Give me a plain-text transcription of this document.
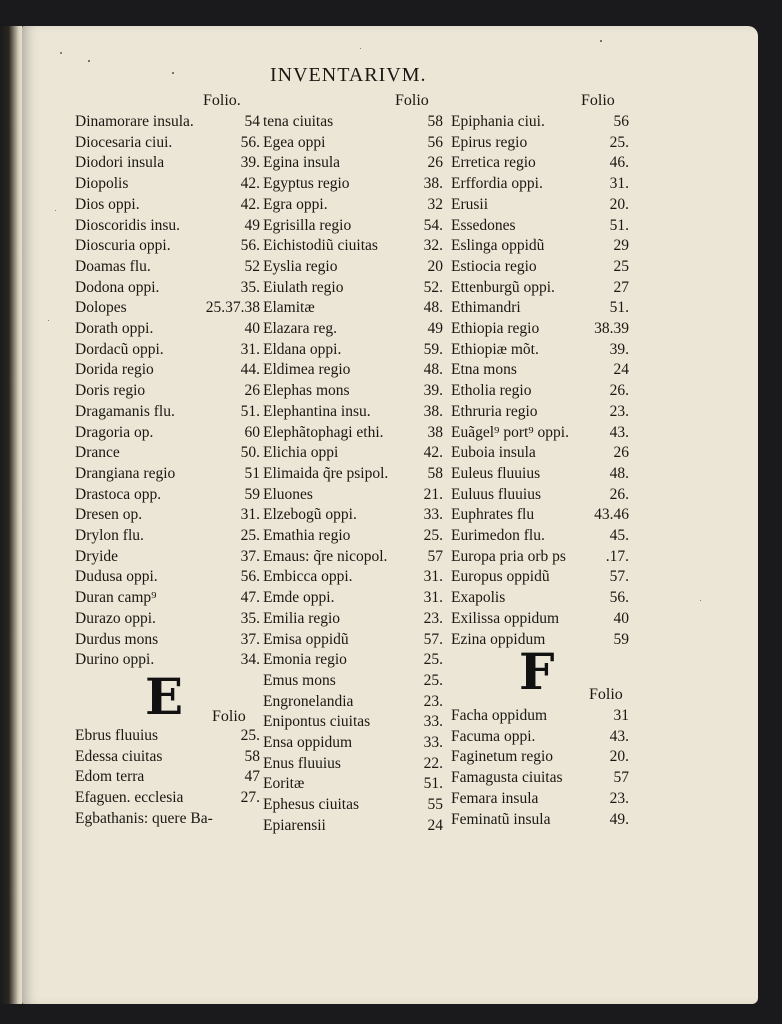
INVENTARIVM.
Folio.
Dinamorare insula.	54
Diocesaria ciui.	56.
Diodori insula	39.
Diopolis	42.
Dios oppi.	42.
Dioscoridis insu.	49
Dioscuria oppi.	56.
Doamas flu.	52
Dodona oppi.	35.
Dolopes	25.37.38
Dorath oppi.	40
Dordacũ oppi.	31.
Dorida regio	44.
Doris regio	26
Dragamanis flu.	51.
Dragoria op.	60
Drance	50.
Drangiana regio	51
Drastoca opp.	59
Dresen op.	31.
Drylon flu.	25.
Dryide	37.
Dudusa oppi.	56.
Duran camp⁹	47.
Durazo oppi.	35.
Durdus mons	37.
Durino oppi.	34.
E Folio
Ebrus fluuius	25.
Edessa ciuitas	58
Edom terra	47
Efaguen. ecclesia	27.
Egbathanis: quere Ba-
Folio
tena ciuitas	58
Egea oppi	56
Egina insula	26
Egyptus regio	38.
Egra oppi.	32
Egrisilla regio	54.
Eichistodiũ ciuitas	32.
Eyslia regio	20
Eiulath regio	52.
Elamitæ	48.
Elazara reg.	49
Eldana oppi.	59.
Eldimea regio	48.
Elephas mons	39.
Elephantina insu.	38.
Elephãtophagi ethi.	38
Elichia oppi	42.
Elimaida q̃re psipol.	58
Eluones	21.
Elzebogũ oppi.	33.
Emathia regio	25.
Emaus: q̃re nicopol.	57
Embicca oppi.	31.
Emde oppi.	31.
Emilia regio	23.
Emisa oppidũ	57.
Emonia regio	25.
Emus mons	25.
Engronelandia	23.
Enipontus ciuitas	33.
Ensa oppidum	33.
Enus fluuius	22.
Eoritæ	51.
Ephesus ciuitas	55
Epiarensii	24
Folio
Epiphania ciui.	56
Epirus regio	25.
Erretica regio	46.
Erffordia oppi.	31.
Erusii	20.
Essedones	51.
Eslinga oppidũ	29
Estiocia regio	25
Ettenburgũ oppi.	27
Ethimandri	51.
Ethiopia regio	38.39
Ethiopiæ mõt.	39.
Etna mons	24
Etholia regio	26.
Ethruria regio	23.
Euãgel⁹ port⁹ oppi.	43.
Euboia insula	26
Euleus fluuius	48.
Euluus fluuius	26.
Euphrates flu	43.46
Eurimedon flu.	45.
Europa pria orb ps	.17.
Europus oppidũ	57.
Exapolis	56.
Exilissa oppidum	40
Ezina oppidum	59
F Folio
Facha oppidum	31
Facuma oppi.	43.
Faginetum regio	20.
Famagusta ciuitas	57
Femara insula	23.
Feminatũ insula	49.
